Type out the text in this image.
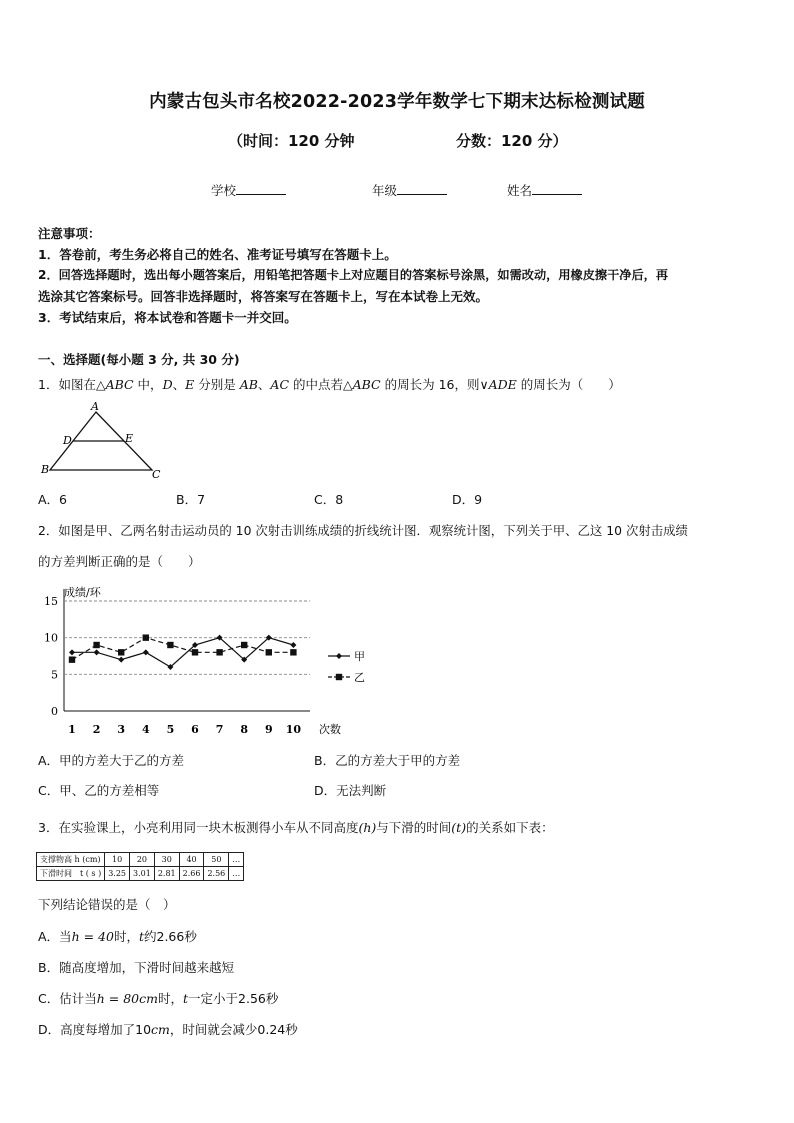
内蒙古包头市名校2022-2023学年数学七下期末达标检测试题
（时间：120 分钟	分数：120 分）
学校	年级	姓名
注意事项：
1．答卷前，考生务必将自己的姓名、准考证号填写在答题卡上。
2．回答选择题时，选出每小题答案后，用铅笔把答题卡上对应题目的答案标号涂黑，如需改动，用橡皮擦干净后，再
选涂其它答案标号。回答非选择题时，将答案写在答题卡上，写在本试卷上无效。
3．考试结束后，将本试卷和答题卡一并交回。
一、选择题(每小题 3 分, 共 30 分)
1．如图在△ABC 中，D、E 分别是 AB、AC 的中点若△ABC 的周长为 16，则∨ADE 的周长为（　　）
A
D	E
B	C
A．6	B．7	C．8	D．9
2．如图是甲、乙两名射击运动员的 10 次射击训练成绩的折线统计图．观察统计图，下列关于甲、乙这 10 次射击成绩
的方差判断正确的是（　　）
成绩/环
次数
0
5
10
15
1 2 3 4 5 6 7 8 9 10
甲
乙
A．甲的方差大于乙的方差	B．乙的方差大于甲的方差
C．甲、乙的方差相等	D．无法判断
3．在实验课上，小亮利用同一块木板测得小车从不同高度(h)与下滑的时间(t)的关系如下表：
支撑物高 h (cm)	10	20	30	40	50	…
下滑时间　t ( s )	3.25	3.01	2.81	2.66	2.56	…
下列结论错误的是（　）
A．当h = 40时，t约2.66秒
B．随高度增加，下滑时间越来越短
C．估计当h = 80cm时，t一定小于2.56秒
D．高度每增加了10cm，时间就会减少0.24秒
